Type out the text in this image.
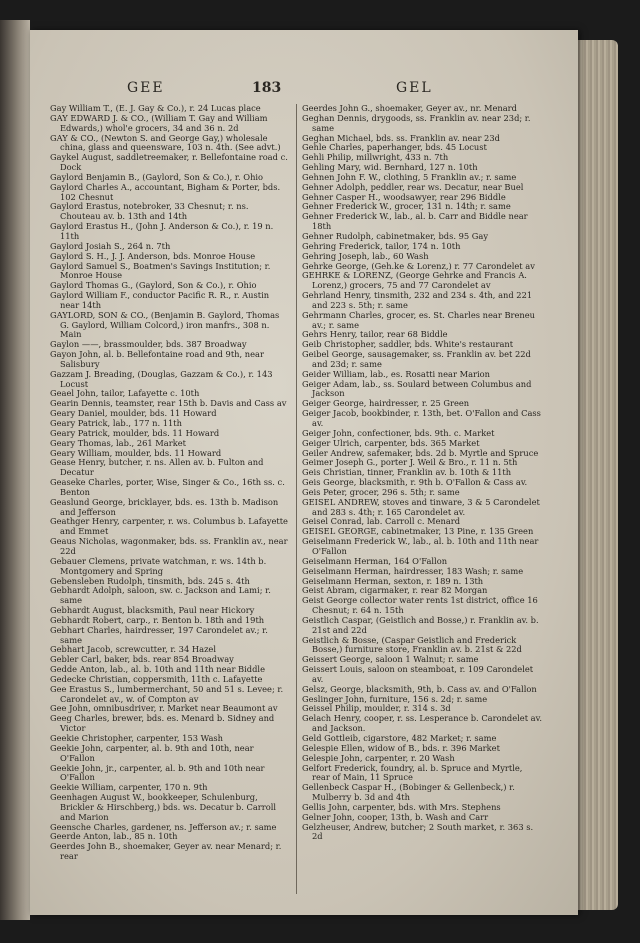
GEE	183	GEL
Gay William T., (E. J. Gay & Co.), r. 24 Lucas place
GAY EDWARD J. & CO., (William T. Gay and William Edwards,) whol'e grocers, 34 and 36 n. 2d
GAY & CO., (Newton S. and George Gay,) wholesale china, glass and queensware, 103 n. 4th. (See advt.)
Gaykel August, saddletreemaker, r. Bellefontaine road c. Dock
Gaylord Benjamin B., (Gaylord, Son & Co.), r. Ohio
Gaylord Charles A., accountant, Bigham & Porter, bds. 102 Chesnut
Gaylord Erastus, notebroker, 33 Chesnut; r. ns. Chouteau av. b. 13th and 14th
Gaylord Erastus H., (John J. Anderson & Co.), r. 19 n. 11th
Gaylord Josiah S., 264 n. 7th
Gaylord S. H., J. J. Anderson, bds. Monroe House
Gaylord Samuel S., Boatmen's Savings Institution; r. Monroe House
Gaylord Thomas G., (Gaylord, Son & Co.), r. Ohio
Gaylord William F., conductor Pacific R. R., r. Austin near 14th
GAYLORD, SON & CO., (Benjamin B. Gaylord, Thomas G. Gaylord, William Colcord,) iron manfrs., 308 n. Main
Gaylon ——, brassmoulder, bds. 387 Broadway
Gayon John, al. b. Bellefontaine road and 9th, near Salisbury
Gazzam J. Breading, (Douglas, Gazzam & Co.), r. 143 Locust
Geael John, tailor, Lafayette c. 10th
Gearin Dennis, teamster, rear 15th b. Davis and Cass av
Geary Daniel, moulder, bds. 11 Howard
Geary Patrick, lab., 177 n. 11th
Geary Patrick, moulder, bds. 11 Howard
Geary Thomas, lab., 261 Market
Geary William, moulder, bds. 11 Howard
Gease Henry, butcher, r. ns. Allen av. b. Fulton and Decatur
Geaseke Charles, porter, Wise, Singer & Co., 16th ss. c. Benton
Geaslund George, bricklayer, bds. es. 13th b. Madison and Jefferson
Geathger Henry, carpenter, r. ws. Columbus b. Lafayette and Emmet
Geaus Nicholas, wagonmaker, bds. ss. Franklin av., near 22d
Gebauer Clemens, private watchman, r. ws. 14th b. Montgomery and Spring
Gebensleben Rudolph, tinsmith, bds. 245 s. 4th
Gebhardt Adolph, saloon, sw. c. Jackson and Lami; r. same
Gebhardt August, blacksmith, Paul near Hickory
Gebhardt Robert, carp., r. Benton b. 18th and 19th
Gebhart Charles, hairdresser, 197 Carondelet av.; r. same
Gebhart Jacob, screwcutter, r. 34 Hazel
Gebler Carl, baker, bds. rear 854 Broadway
Gedde Anton, lab., al. b. 10th and 11th near Biddle
Gedecke Christian, coppersmith, 11th c. Lafayette
Gee Erastus S., lumbermerchant, 50 and 51 s. Levee; r. Carondelet av., w. of Compton av
Gee John, omnibusdriver, r. Market near Beaumont av
Geeg Charles, brewer, bds. es. Menard b. Sidney and Victor
Geekie Christopher, carpenter, 153 Wash
Geekie John, carpenter, al. b. 9th and 10th, near O'Fallon
Geekie John, jr., carpenter, al. b. 9th and 10th near O'Fallon
Geekie William, carpenter, 170 n. 9th
Geenhagen August W., bookkeeper, Schulenburg, Brickler & Hirschberg,) bds. ws. Decatur b. Carroll and Marion
Geensche Charles, gardener, ns. Jefferson av.; r. same
Geerde Anton, lab., 85 n. 10th
Geerdes John B., shoemaker, Geyer av. near Menard; r. rear
Geerdes John G., shoemaker, Geyer av., nr. Menard
Geghan Dennis, drygoods, ss. Franklin av. near 23d; r. same
Geghan Michael, bds. ss. Franklin av. near 23d
Gehle Charles, paperhanger, bds. 45 Locust
Gehli Philip, millwright, 433 n. 7th
Gehling Mary, wid. Bernhard, 127 n. 10th
Gehnen John F. W., clothing, 5 Franklin av.; r. same
Gehner Adolph, peddler, rear ws. Decatur, near Buel
Gehner Casper H., woodsawyer, rear 296 Biddle
Gehner Frederick W., grocer, 131 n. 14th; r. same
Gehner Frederick W., lab., al. b. Carr and Biddle near 18th
Gehner Rudolph, cabinetmaker, bds. 95 Gay
Gehring Frederick, tailor, 174 n. 10th
Gehring Joseph, lab., 60 Wash
Gehrke George, (Geh.ke & Lorenz,) r. 77 Carondelet av
GEHRKE & LORENZ, (George Gehrke and Francis A. Lorenz,) grocers, 75 and 77 Carondelet av
Gehrland Henry, tinsmith, 232 and 234 s. 4th, and 221 and 223 s. 5th; r. same
Gehrmann Charles, grocer, es. St. Charles near Breneu av.; r. same
Gehrs Henry, tailor, rear 68 Biddle
Geib Christopher, saddler, bds. White's restaurant
Geibel George, sausagemaker, ss. Franklin av. bet 22d and 23d; r. same
Geider William, lab., es. Rosatti near Marion
Geiger Adam, lab., ss. Soulard between Columbus and Jackson
Geiger George, hairdresser, r. 25 Green
Geiger Jacob, bookbinder, r. 13th, bet. O'Fallon and Cass av.
Geiger John, confectioner, bds. 9th. c. Market
Geiger Ulrich, carpenter, bds. 365 Market
Geiler Andrew, safemaker, bds. 2d b. Myrtle and Spruce
Geimer Joseph G., porter J. Weil & Bro., r. 11 n. 5th
Geis Christian, tinner, Franklin av. b. 10th & 11th
Geis George, blacksmith, r. 9th b. O'Fallon & Cass av.
Geis Peter, grocer, 296 s. 5th; r. same
GEISEL ANDREW, stoves and tinware, 3 & 5 Carondelet and 283 s. 4th; r. 165 Carondelet av.
Geisel Conrad, lab. Carroll c. Menard
GEISEL GEORGE, cabinetmaker, 13 Pine, r. 135 Green
Geiselmann Frederick W., lab., al. b. 10th and 11th near O'Fallon
Geiselmann Herman, 164 O'Fallon
Geiselmann Herman, hairdresser, 183 Wash; r. same
Geiselmann Herman, sexton, r. 189 n. 13th
Geist Abram, cigarmaker, r. rear 82 Morgan
Geist George collector water rents 1st district, office 16 Chesnut; r. 64 n. 15th
Geistlich Caspar, (Geistlich and Bosse,) r. Franklin av. b. 21st and 22d
Geistlich & Bosse, (Caspar Geistlich and Frederick Bosse,) furniture store, Franklin av. b. 21st & 22d
Geissert George, saloon 1 Walnut; r. same
Geissert Louis, saloon on steamboat, r. 109 Carondelet av.
Gelsz, George, blacksmith, 9th, b. Cass av. and O'Fallon
Geslinger John, furniture, 156 s. 2d; r. same
Geissel Philip, moulder, r. 314 s. 3d
Gelach Henry, cooper, r. ss. Lesperance b. Carondelet av. and Jackson.
Geld Gottleib, cigarstore, 482 Market; r. same
Gelespie Ellen, widow of B., bds. r. 396 Market
Gelespie John, carpenter, r. 20 Wash
Gelfort Frederick, foundry, al. b. Spruce and Myrtle, rear of Main, 11 Spruce
Gellenbeck Caspar H., (Bobinger & Gellenbeck,) r. Mulberry b. 3d and 4th
Gellis John, carpenter, bds. with Mrs. Stephens
Gelner John, cooper, 13th, b. Wash and Carr
Gelzheuser, Andrew, butcher; 2 South market, r. 363 s. 2d
